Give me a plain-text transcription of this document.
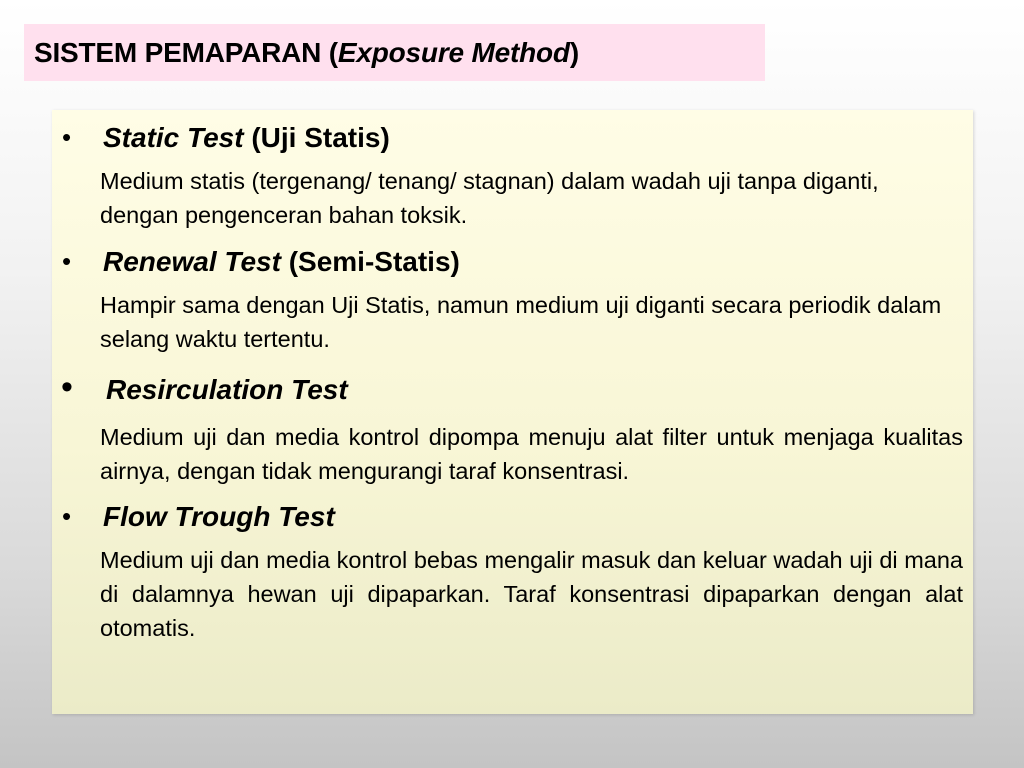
SISTEM PEMAPARAN (Exposure Method)
• Static Test (Uji Statis)
Medium statis (tergenang/ tenang/ stagnan) dalam wadah uji tanpa diganti, dengan pengenceran bahan toksik.
• Renewal Test (Semi-Statis)
Hampir sama dengan Uji Statis, namun medium uji diganti secara periodik dalam selang waktu tertentu.
• Resirculation Test
Medium uji dan media kontrol dipompa menuju alat filter untuk menjaga kualitas airnya, dengan tidak mengurangi taraf konsentrasi.
• Flow Trough Test
Medium uji dan media kontrol bebas mengalir masuk dan keluar wadah uji di mana di dalamnya hewan uji dipaparkan. Taraf konsentrasi dipaparkan dengan alat otomatis.
